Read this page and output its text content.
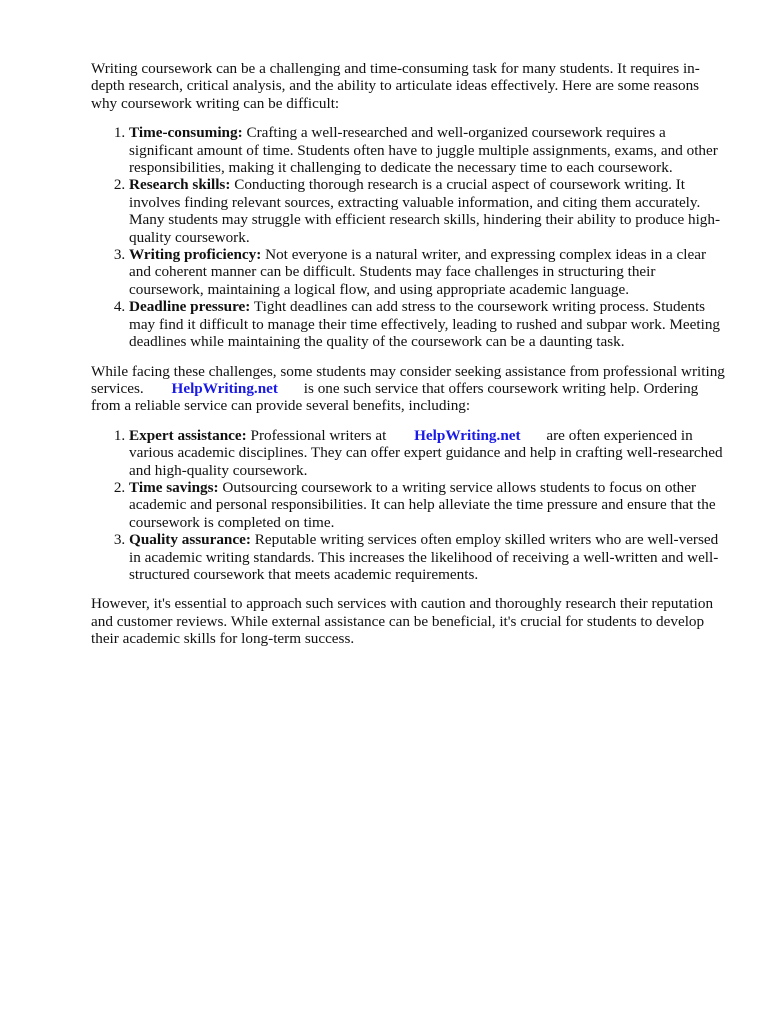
Writing coursework can be a challenging and time-consuming task for many students. It requires in-depth research, critical analysis, and the ability to articulate ideas effectively. Here are some reasons why coursework writing can be difficult:

1. Time-consuming: Crafting a well-researched and well-organized coursework requires a significant amount of time. Students often have to juggle multiple assignments, exams, and other responsibilities, making it challenging to dedicate the necessary time to each coursework.
2. Research skills: Conducting thorough research is a crucial aspect of coursework writing. It involves finding relevant sources, extracting valuable information, and citing them accurately. Many students may struggle with efficient research skills, hindering their ability to produce high-quality coursework.
3. Writing proficiency: Not everyone is a natural writer, and expressing complex ideas in a clear and coherent manner can be difficult. Students may face challenges in structuring their coursework, maintaining a logical flow, and using appropriate academic language.
4. Deadline pressure: Tight deadlines can add stress to the coursework writing process. Students may find it difficult to manage their time effectively, leading to rushed and subpar work. Meeting deadlines while maintaining the quality of the coursework can be a daunting task.

While facing these challenges, some students may consider seeking assistance from professional writing services. HelpWriting.net is one such service that offers coursework writing help. Ordering from a reliable service can provide several benefits, including:

1. Expert assistance: Professional writers at HelpWriting.net are often experienced in various academic disciplines. They can offer expert guidance and help in crafting well-researched and high-quality coursework.
2. Time savings: Outsourcing coursework to a writing service allows students to focus on other academic and personal responsibilities. It can help alleviate the time pressure and ensure that the coursework is completed on time.
3. Quality assurance: Reputable writing services often employ skilled writers who are well-versed in academic writing standards. This increases the likelihood of receiving a well-written and well-structured coursework that meets academic requirements.

However, it's essential to approach such services with caution and thoroughly research their reputation and customer reviews. While external assistance can be beneficial, it's crucial for students to develop their academic skills for long-term success.
